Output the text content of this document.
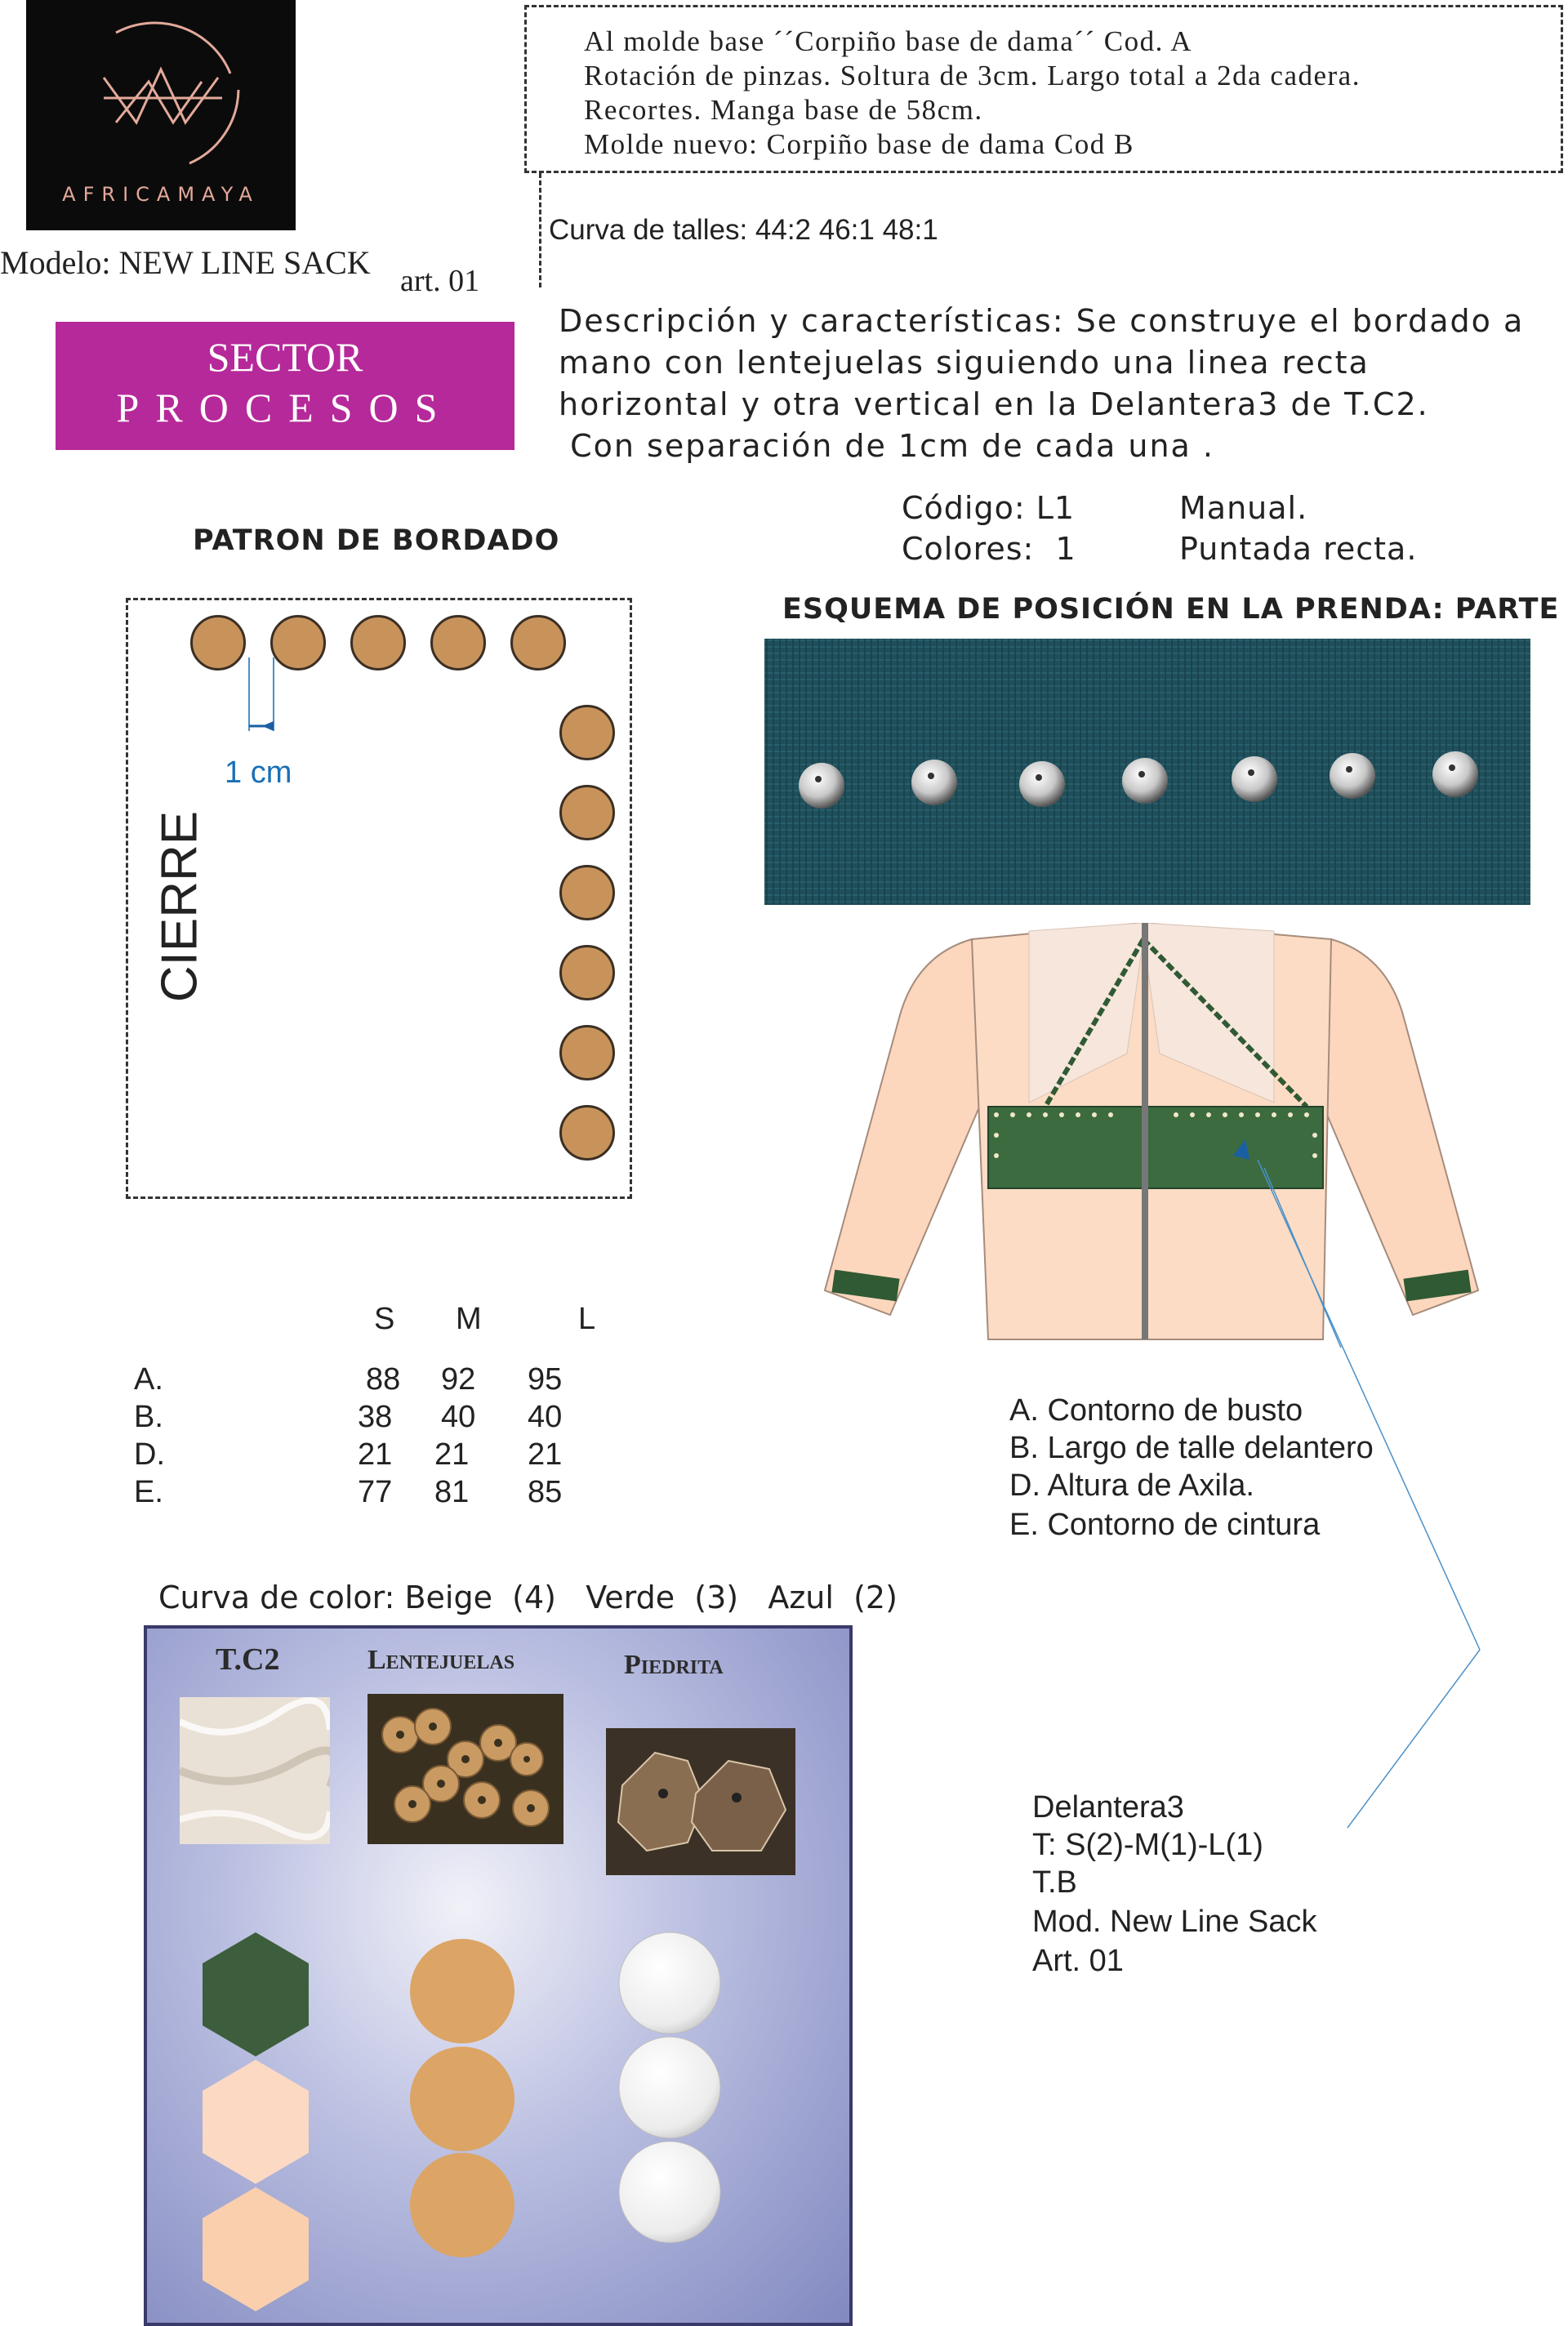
AFRICAMAYA
Modelo: NEW LINE SACK art. 01
SECTOR
PROCESOS
Al molde base ´´Corpiño base de dama´´ Cod. A
Rotación de pinzas. Soltura de 3cm. Largo total a 2da cadera.
Recortes. Manga base de 58cm.
Molde nuevo: Corpiño base de dama Cod B
Curva de talles: 44:2 46:1 48:1
Descripción y características: Se construye el bordado a
mano con lentejuelas siguiendo una linea recta
horizontal y otra vertical en la Delantera3 de T.C2.
Con separación de 1cm de cada una .
Código: L1
Colores:  1
Manual.
Puntada recta.
PATRON DE BORDADO
1 cm
CIERRE
ESQUEMA DE POSICIÓN EN LA PRENDA: PARTE
S M	L
A.	88 92 95
B.	38 40 40
D.	21 21 21
E.	77 81 85
A. Contorno de busto
B. Largo de talle delantero
D. Altura de Axila.
E. Contorno de cintura
Curva de color: Beige  (4) Verde  (3) Azul  (2)
T.C2	Lentejuelas	Piedrita
Delantera3
T: S(2)-M(1)-L(1)
T.B
Mod. New Line Sack
Art. 01
